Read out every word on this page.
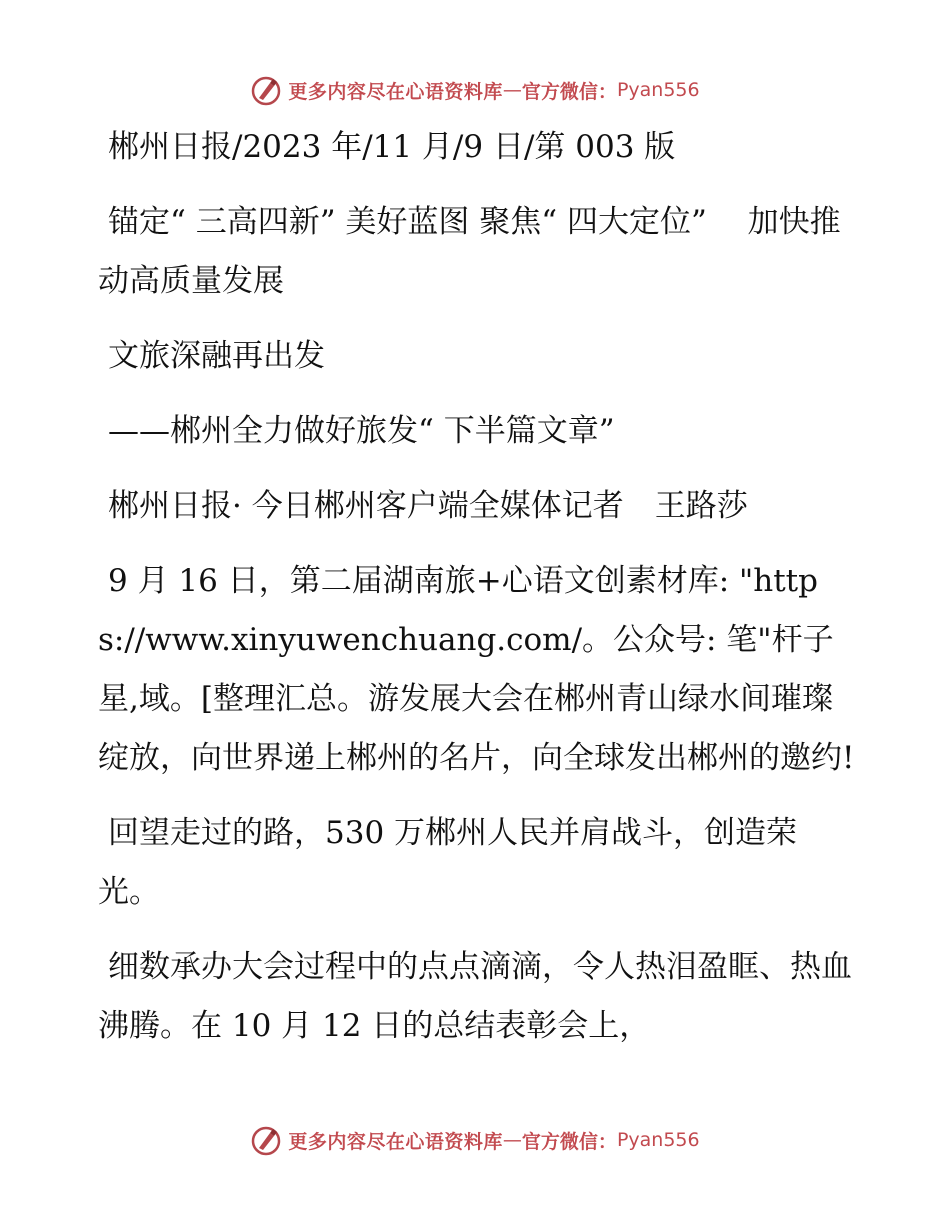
更多内容尽在心语资料库 — 官方微信： Pyan556

郴州日报/2023 年/11 月/9 日/第 003 版

锚定“ 三高四新” 美好蓝图 聚焦“ 四大定位”　 加快推动高质量发展

文旅深融再出发

——郴州全力做好旅发“ 下半篇文章”

郴州日报· 今日郴州客户端全媒体记者　王路莎

9 月 16 日，第二届湖南旅+心语文创素材库: "https://www.xinyuwenchuang.com/。公众号: 笔"杆子星,域。[整理汇总。游发展大会在郴州青山绿水间璀璨绽放，向世界递上郴州的名片，向全球发出郴州的邀约!

回望走过的路，530 万郴州人民并肩战斗，创造荣光。

细数承办大会过程中的点点滴滴，令人热泪盈眶、热血沸腾。在 10 月 12 日的总结表彰会上，

更多内容尽在心语资料库 — 官方微信： Pyan556
